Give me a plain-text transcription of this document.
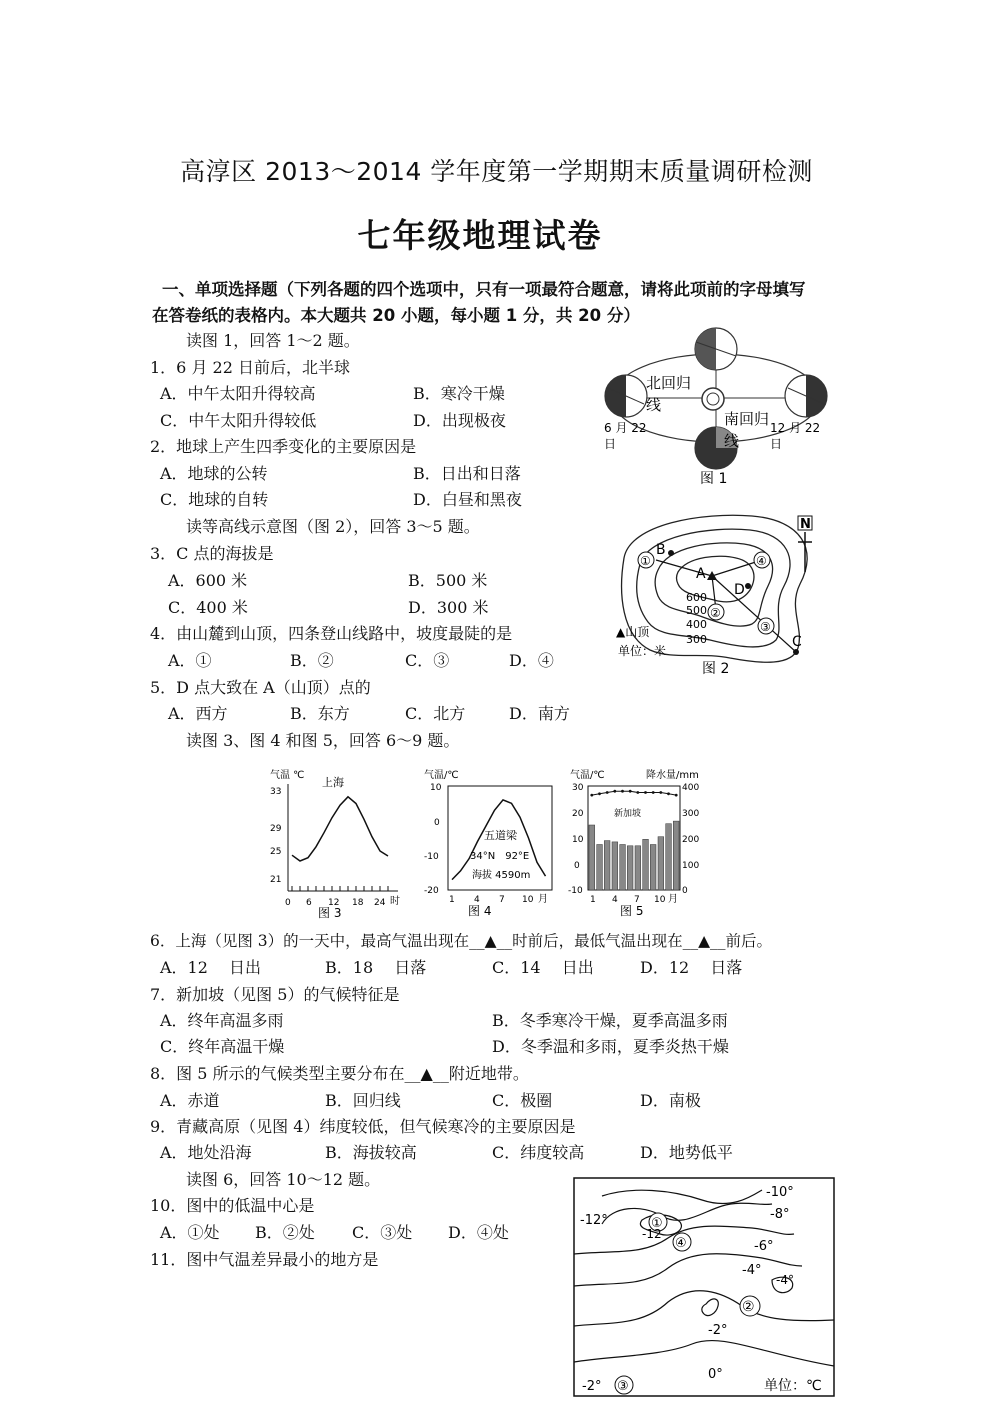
高淳区 2013～2014 学年度第一学期期末质量调研检测
七年级地理试卷
一、单项选择题（下列各题的四个选项中，只有一项最符合题意，请将此项前的字母填写
在答卷纸的表格内。本大题共 20 小题，每小题 1 分，共 20 分）
读图 1，回答 1～2 题。
1．6 月 22 日前后，北半球
A．中午太阳升得较高	B．寒冷干燥
C．中午太阳升得较低	D．出现极夜
2．地球上产生四季变化的主要原因是
A．地球的公转	B．日出和日落
C．地球的自转	D．白昼和黑夜
读等高线示意图（图 2），回答 3～5 题。
3．C 点的海拔是
A．600 米	B．500 米
C．400 米	D．300 米
4．由山麓到山顶，四条登山线路中，坡度最陡的是
A．①	B．②	C．③	D．④
5．D 点大致在 A（山顶）点的
A．西方	B．东方	C．北方	D．南方
读图 3、图 4 和图 5，回答 6～9 题。
6．上海（见图 3）的一天中，最高气温出现在__▲__时前后，最低气温出现在__▲__前后。
A．12　 日出	B．18　 日落	C．14　 日出	D．12　 日落
7．新加坡（见图 5）的气候特征是
A．终年高温多雨	B．冬季寒冷干燥，夏季高温多雨
C．终年高温干燥	D．冬季温和多雨，夏季炎热干燥
8．图 5 所示的气候类型主要分布在__▲__附近地带。
A．赤道	B．回归线	C．极圈	D．南极
9．青藏高原（见图 4）纬度较低，但气候寒冷的主要原因是
A．地处沿海	B．海拔较高	C．纬度较高	D．地势低平
读图 6，回答 10～12 题。
10．图中的低温中心是
A．①处 B．②处 C．③处 D．④处
11．图中气温差异最小的地方是
北回归
线
南回归
线
6 月 22
日
12 月 22
日
图 1
①	④
②
③
B
A
D
C
600
500
400
300
N
▲山顶
单位：米
图 2
气温 ℃
上海
33
29
25
21
0 6 12 18 24 时
图 3
气温/℃
10
0
-10
-20
1 4 7 10 月
五道梁
34°N　92°E
海拔 4590m
图 4
气温/℃	降水量/mm
新加坡
30
20
10
0
-10
400
300
200
100
0
1 4 7 10 月
图 5
-10°
-12°	①
-12
④
-8°
-6°
-4°
-4°
②
-2°
0°
-2° ③	单位：℃
